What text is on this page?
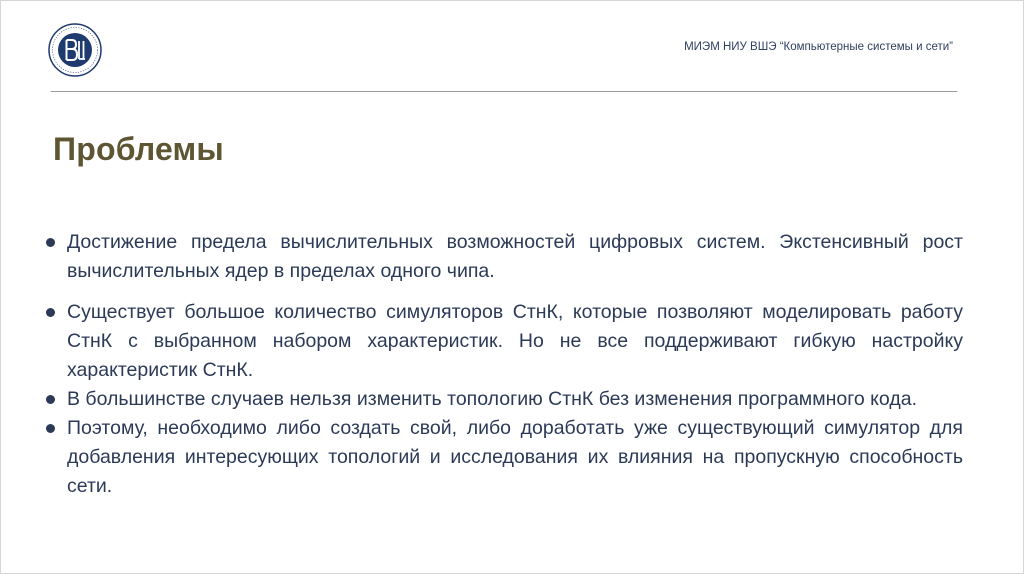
МИЭМ НИУ ВШЭ “Компьютерные системы и сети”
Проблемы
Достижение предела вычислительных возможностей цифровых систем. Экстенсивный рост вычислительных ядер в пределах одного чипа.
Существует большое количество симуляторов СтнК, которые позволяют моделировать работу СтнК с выбранном набором характеристик. Но не все поддерживают гибкую настройку характеристик СтнК.
В большинстве случаев нельзя изменить топологию СтнК без изменения программного кода.
Поэтому, необходимо либо создать свой, либо доработать уже существующий симулятор для добавления интересующих топологий и исследования их влияния на пропускную способность сети.
